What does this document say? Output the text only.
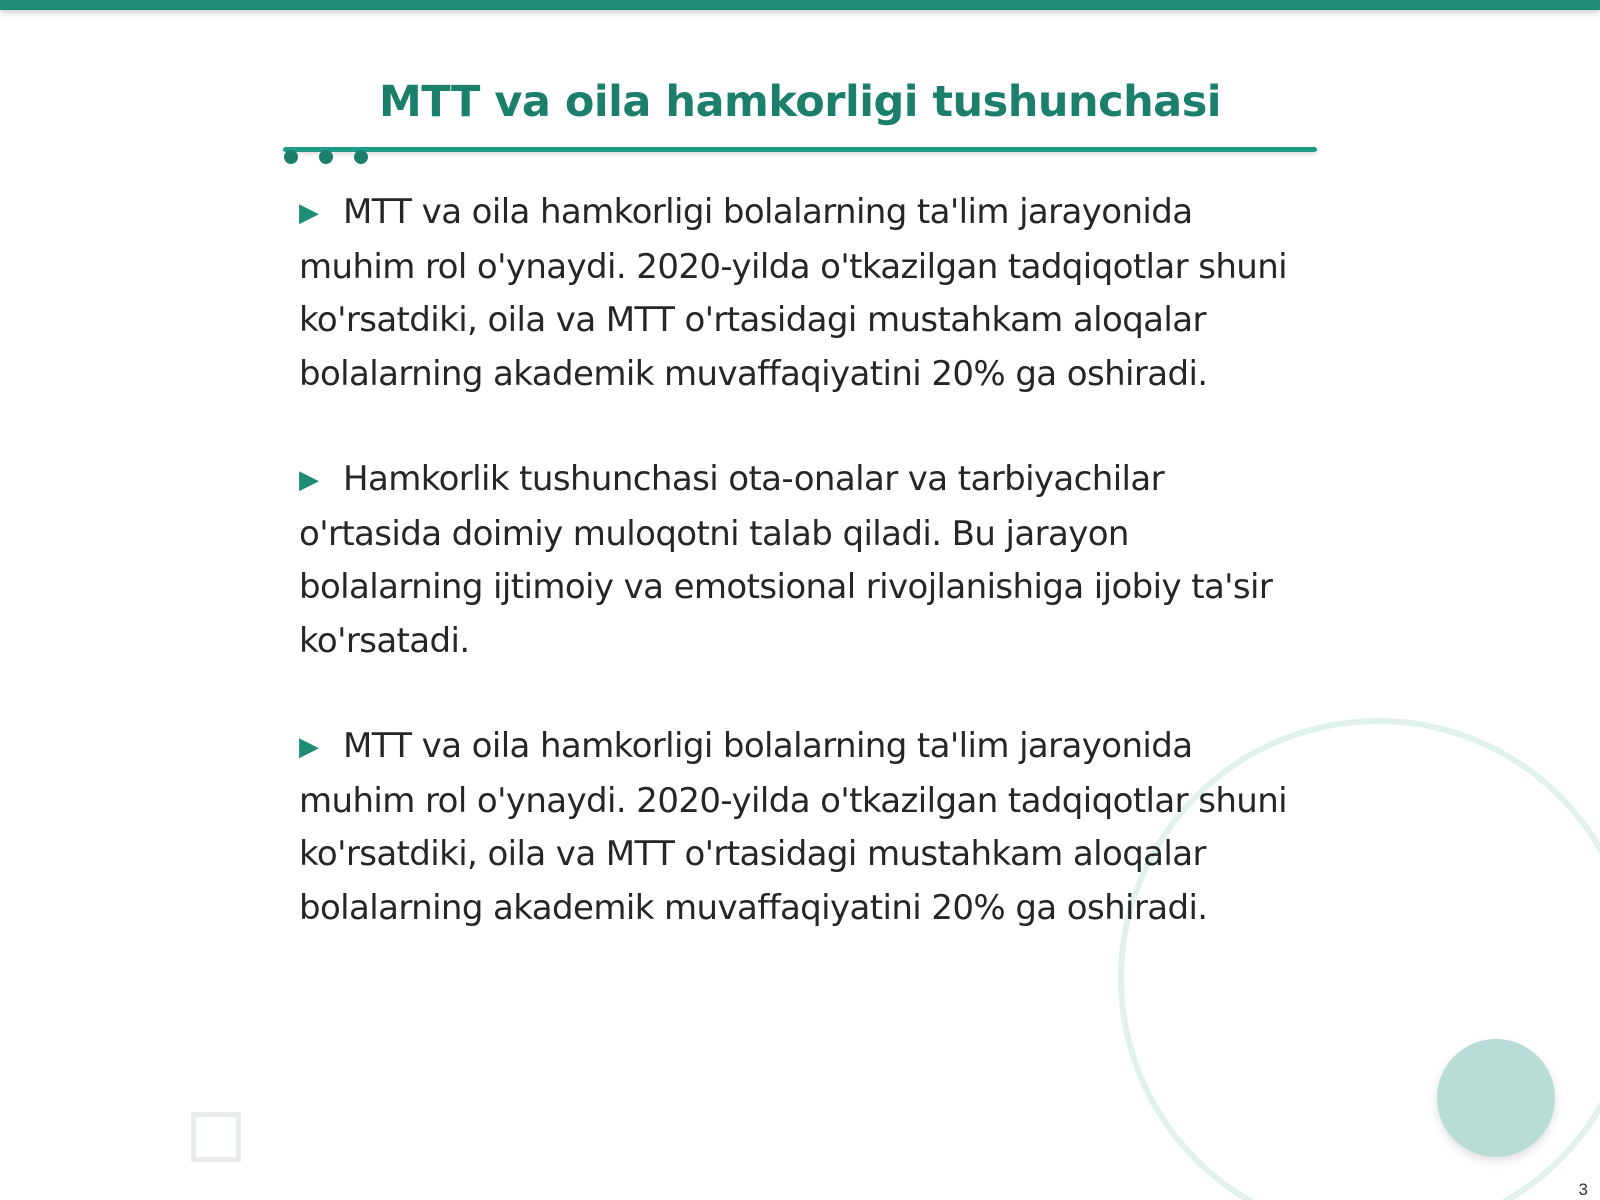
MTT va oila hamkorligi tushunchasi

▶ MTT va oila hamkorligi bolalarning ta'lim jarayonida muhim rol o'ynaydi. 2020-yilda o'tkazilgan tadqiqotlar shuni ko'rsatdiki, oila va MTT o'rtasidagi mustahkam aloqalar bolalarning akademik muvaffaqiyatini 20% ga oshiradi.

▶ Hamkorlik tushunchasi ota-onalar va tarbiyachilar o'rtasida doimiy muloqotni talab qiladi. Bu jarayon bolalarning ijtimoiy va emotsional rivojlanishiga ijobiy ta'sir ko'rsatadi.

▶ MTT va oila hamkorligi bolalarning ta'lim jarayonida muhim rol o'ynaydi. 2020-yilda o'tkazilgan tadqiqotlar shuni ko'rsatdiki, oila va MTT o'rtasidagi mustahkam aloqalar bolalarning akademik muvaffaqiyatini 20% ga oshiradi.

3
